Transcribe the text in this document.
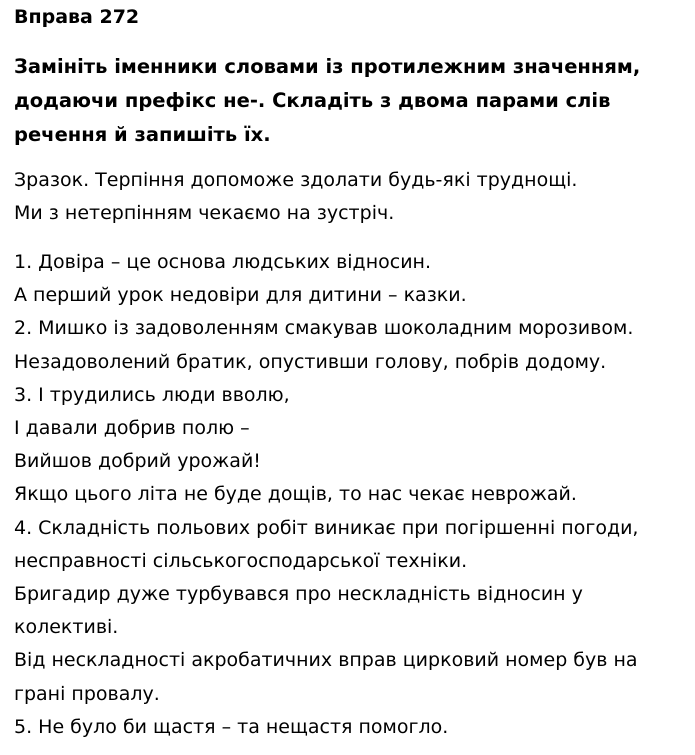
Вправа 272
Замініть іменники словами із протилежним значенням,
додаючи префікс не-. Складіть з двома парами слів
речення й запишіть їх.
Зразок. Терпіння допоможе здолати будь-які труднощі.
Ми з нетерпінням чекаємо на зустріч.
1. Довіра – це основа людських відносин.
А перший урок недовіри для дитини – казки.
2. Мишко із задоволенням смакував шоколадним морозивом.
Незадоволений братик, опустивши голову, побрів додому.
3. І трудились люди вволю,
І давали добрив полю –
Вийшов добрий урожай!
Якщо цього літа не буде дощів, то нас чекає неврожай.
4. Складність польових робіт виникає при погіршенні погоди,
несправності сільськогосподарської техніки.
Бригадир дуже турбувався про нескладність відносин у
колективі.
Від нескладності акробатичних вправ цирковий номер був на
грані провалу.
5. Не було би щастя – та нещастя помогло.
